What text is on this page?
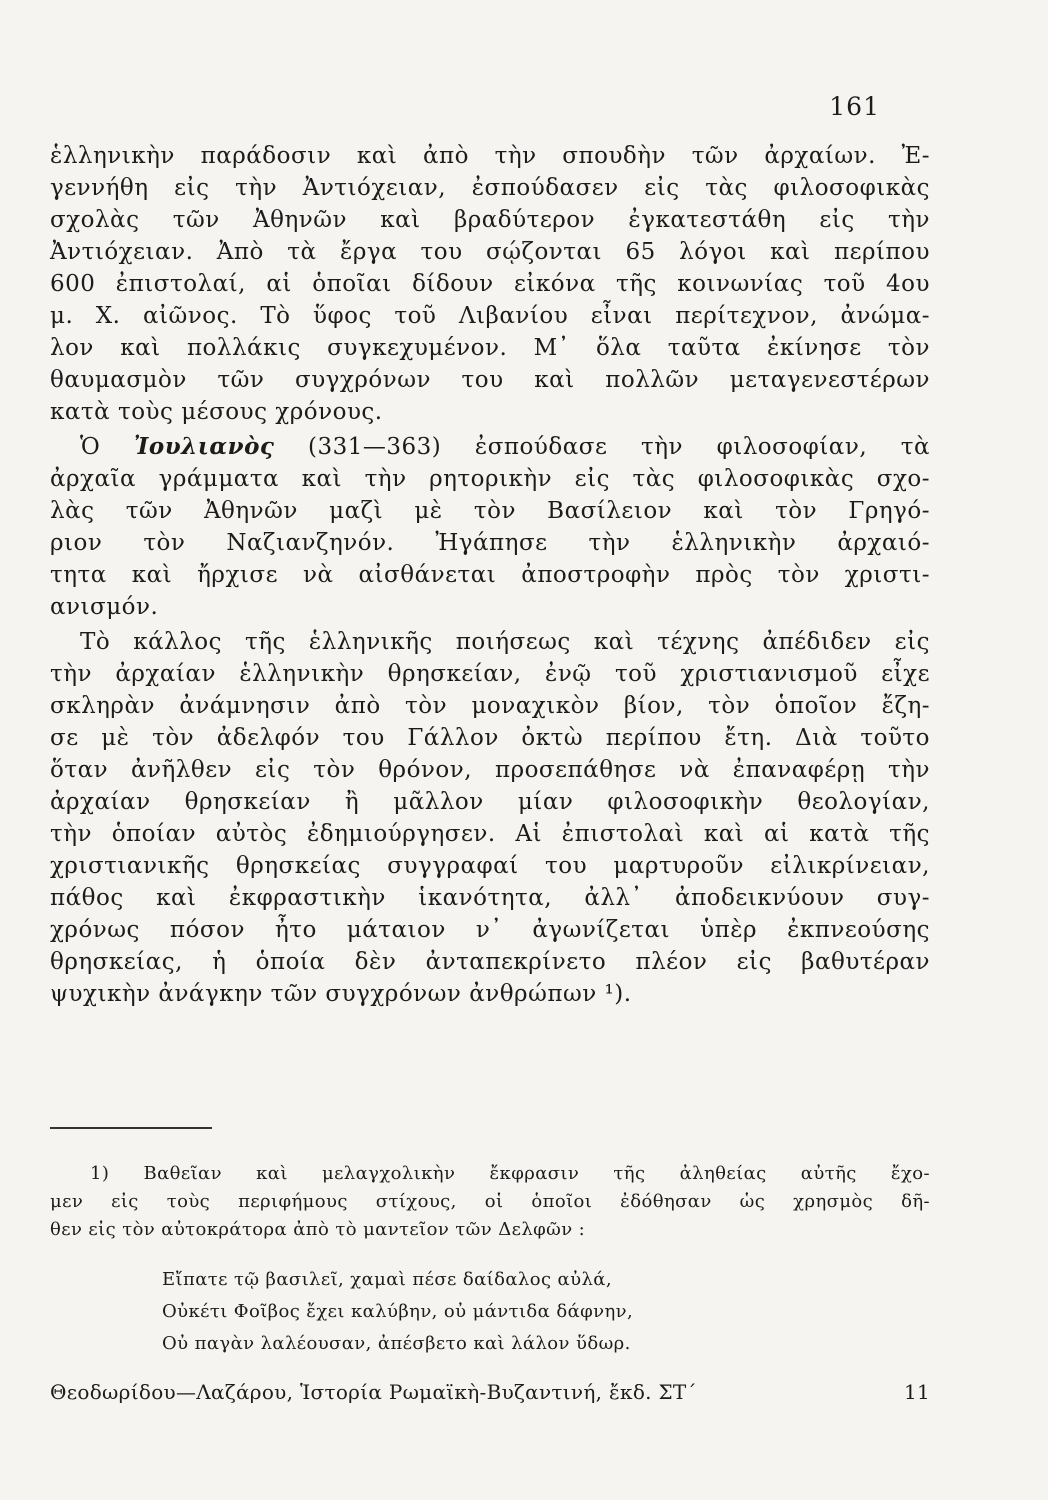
161
ἑλληνικὴν παράδοσιν καὶ ἀπὸ τὴν σπουδὴν τῶν ἀρχαίων. Ἐ-
γεννήθη εἰς τὴν Ἀντιόχειαν, ἐσπούδασεν εἰς τὰς φιλοσοφικὰς
σχολὰς τῶν Ἀθηνῶν καὶ βραδύτερον ἐγκατεστάθη εἰς τὴν
Ἀντιόχειαν. Ἀπὸ τὰ ἔργα του σῴζονται 65 λόγοι καὶ περίπου
600 ἐπιστολαί, αἱ ὁποῖαι δίδουν εἰκόνα τῆς κοινωνίας τοῦ 4ου
μ. Χ. αἰῶνος. Τὸ ὕφος τοῦ Λιβανίου εἶναι περίτεχνον, ἀνώμα-
λον καὶ πολλάκις συγκεχυμένον. Μ᾽ ὅλα ταῦτα ἐκίνησε τὸν
θαυμασμὸν τῶν συγχρόνων του καὶ πολλῶν μεταγενεστέρων
κατὰ τοὺς μέσους χρόνους.
Ὁ Ἰουλιανὸς (331—363) ἐσπούδασε τὴν φιλοσοφίαν, τὰ
ἀρχαῖα γράμματα καὶ τὴν ρητορικὴν εἰς τὰς φιλοσοφικὰς σχο-
λὰς τῶν Ἀθηνῶν μαζὶ μὲ τὸν Βασίλειον καὶ τὸν Γρηγό-
ριον τὸν Ναζιανζηνόν. Ἠγάπησε τὴν ἑλληνικὴν ἀρχαιό-
τητα καὶ ἤρχισε νὰ αἰσθάνεται ἀποστροφὴν πρὸς τὸν χριστι-
ανισμόν.
Τὸ κάλλος τῆς ἑλληνικῆς ποιήσεως καὶ τέχνης ἀπέδιδεν εἰς
τὴν ἀρχαίαν ἑλληνικὴν θρησκείαν, ἐνῷ τοῦ χριστιανισμοῦ εἶχε
σκληρὰν ἀνάμνησιν ἀπὸ τὸν μοναχικὸν βίον, τὸν ὁποῖον ἔζη-
σε μὲ τὸν ἀδελφόν του Γάλλον ὀκτὼ περίπου ἔτη. Διὰ τοῦτο
ὅταν ἀνῆλθεν εἰς τὸν θρόνον, προσεπάθησε νὰ ἐπαναφέρῃ τὴν
ἀρχαίαν θρησκείαν ἢ μᾶλλον μίαν φιλοσοφικὴν θεολογίαν,
τὴν ὁποίαν αὐτὸς ἐδημιούργησεν. Αἱ ἐπιστολαὶ καὶ αἱ κατὰ τῆς
χριστιανικῆς θρησκείας συγγραφαί του μαρτυροῦν εἰλικρίνειαν,
πάθος καὶ ἐκφραστικὴν ἱκανότητα, ἀλλ᾽ ἀποδεικνύουν συγ-
χρόνως πόσον ἦτο μάταιον ν᾽ ἀγωνίζεται ὑπὲρ ἐκπνεούσης
θρησκείας, ἡ ὁποία δὲν ἀνταπεκρίνετο πλέον εἰς βαθυτέραν
ψυχικὴν ἀνάγκην τῶν συγχρόνων ἀνθρώπων ¹).
1) Βαθεῖαν καὶ μελαγχολικὴν ἔκφρασιν τῆς ἀληθείας αὐτῆς ἔχο-
μεν εἰς τοὺς περιφήμους στίχους, οἱ ὁποῖοι ἐδόθησαν ὡς χρησμὸς δῆ-
θεν εἰς τὸν αὐτοκράτορα ἀπὸ τὸ μαντεῖον τῶν Δελφῶν :
Εἴπατε τῷ βασιλεῖ, χαμαὶ πέσε δαίδαλος αὐλά,
Οὐκέτι Φοῖβος ἔχει καλύβην, οὐ μάντιδα δάφνην,
Οὐ παγὰν λαλέουσαν, ἀπέσβετο καὶ λάλον ὕδωρ.
Θεοδωρίδου—Λαζάρου, Ἱστορία Ρωμαϊκὴ-Βυζαντινή, ἔκδ. ΣΤ΄	11
